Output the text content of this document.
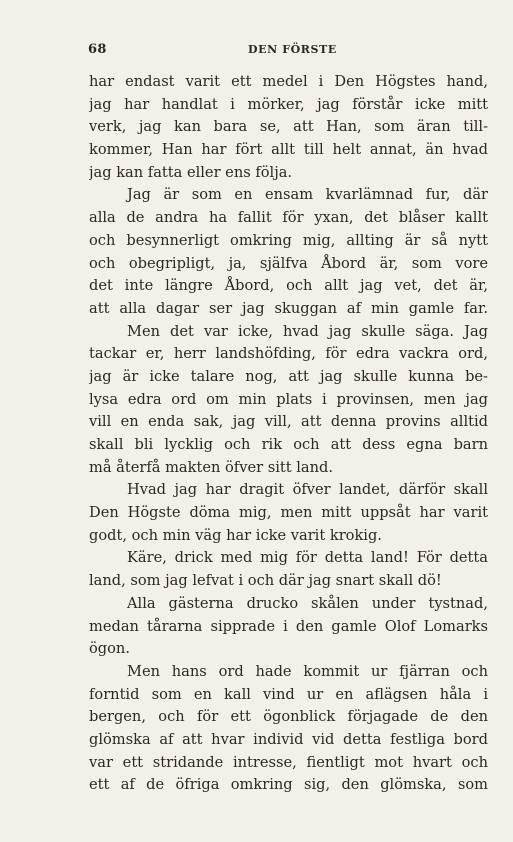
68	DEN FÖRSTE
har endast varit ett medel i Den Högstes hand,
jag har handlat i mörker, jag förstår icke mitt
verk, jag kan bara se, att Han, som äran till-
kommer, Han har fört allt till helt annat, än hvad
jag kan fatta eller ens följa.
Jag är som en ensam kvarlämnad fur, där
alla de andra ha fallit för yxan, det blåser kallt
och besynnerligt omkring mig, allting är så nytt
och obegripligt, ja, själfva Åbord är, som vore
det inte längre Åbord, och allt jag vet, det är,
att alla dagar ser jag skuggan af min gamle far.
Men det var icke, hvad jag skulle säga. Jag
tackar er, herr landshöfding, för edra vackra ord,
jag är icke talare nog, att jag skulle kunna be-
lysa edra ord om min plats i provinsen, men jag
vill en enda sak, jag vill, att denna provins alltid
skall bli lycklig och rik och att dess egna barn
må återfå makten öfver sitt land.
Hvad jag har dragit öfver landet, därför skall
Den Högste döma mig, men mitt uppsåt har varit
godt, och min väg har icke varit krokig.
Käre, drick med mig för detta land! För detta
land, som jag lefvat i och där jag snart skall dö!
Alla gästerna drucko skålen under tystnad,
medan tårarna sipprade i den gamle Olof Lomarks
ögon.
Men hans ord hade kommit ur fjärran och
forntid som en kall vind ur en aflägsen håla i
bergen, och för ett ögonblick förjagade de den
glömska af att hvar individ vid detta festliga bord
var ett stridande intresse, fientligt mot hvart och
ett af de öfriga omkring sig, den glömska, som
